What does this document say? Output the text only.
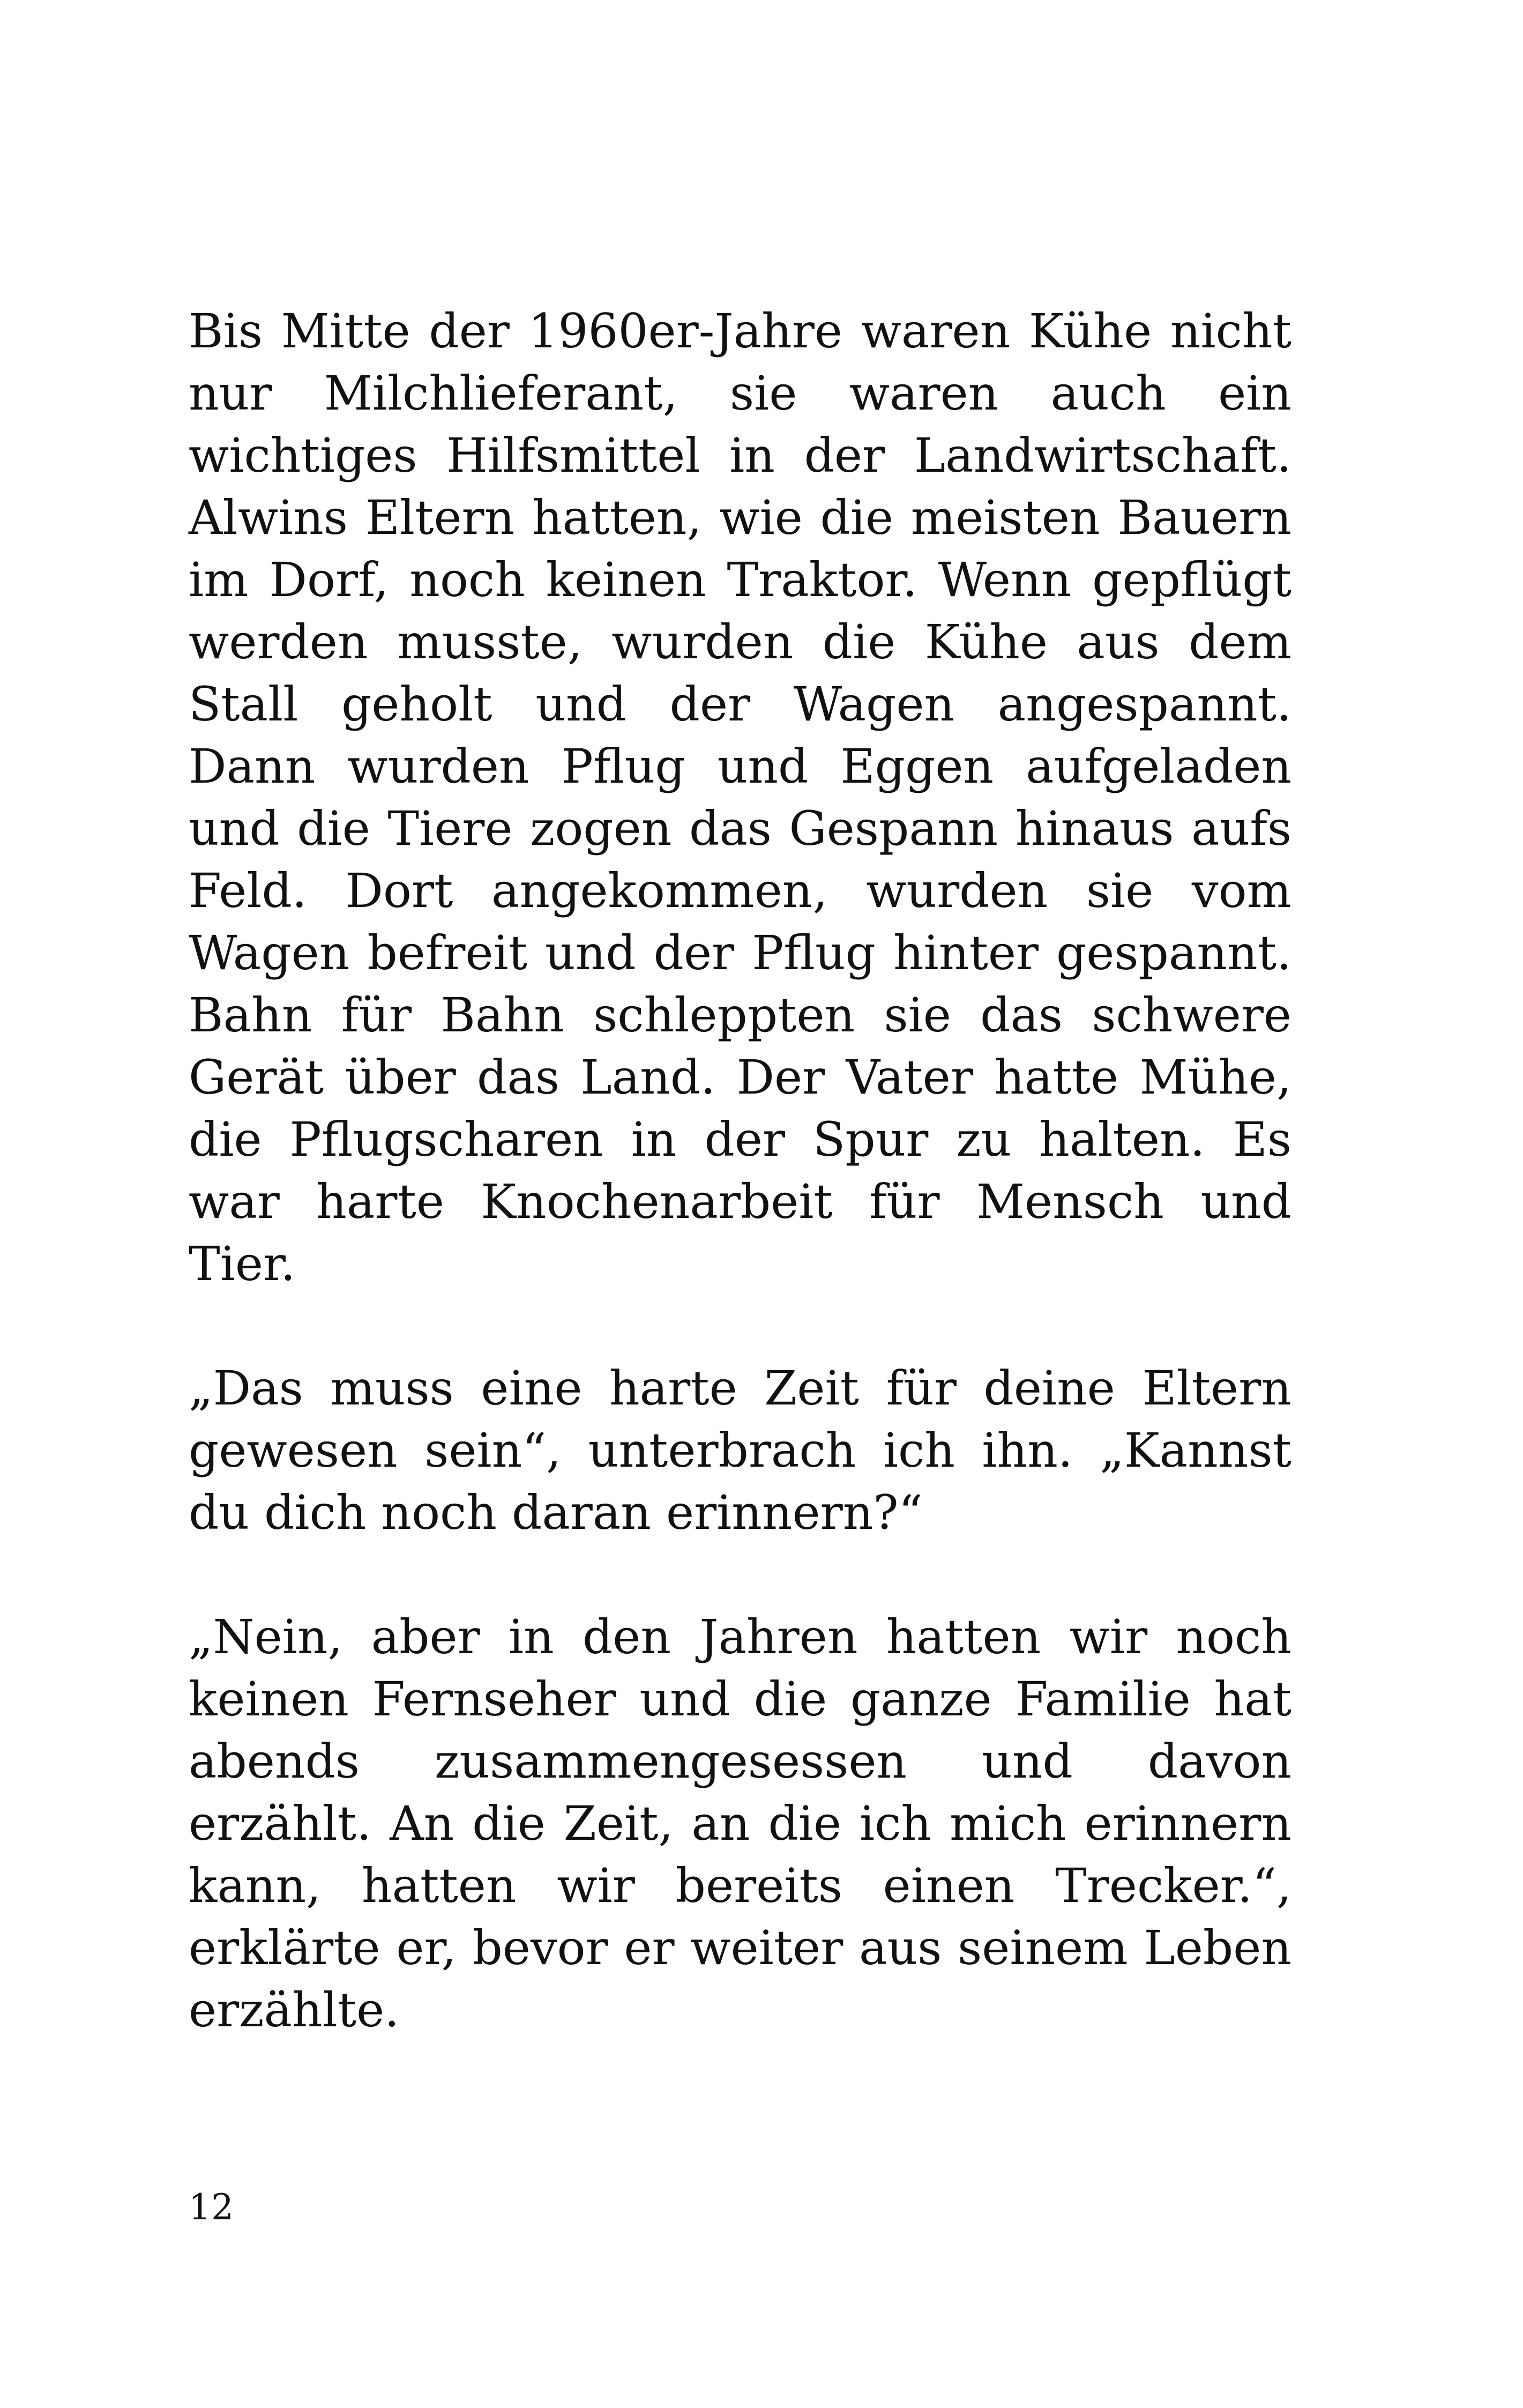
Bis Mitte der 1960er-Jahre waren Kühe nicht nur Milchlieferant, sie waren auch ein wichtiges Hilfsmittel in der Landwirtschaft. Alwins Eltern hatten, wie die meisten Bauern im Dorf, noch keinen Traktor. Wenn gepflügt werden musste, wurden die Kühe aus dem Stall geholt und der Wagen angespannt. Dann wurden Pflug und Eggen aufgeladen und die Tiere zogen das Gespann hinaus aufs Feld. Dort angekommen, wurden sie vom Wagen befreit und der Pflug hinter gespannt. Bahn für Bahn schleppten sie das schwere Gerät über das Land. Der Vater hatte Mühe, die Pflugscharen in der Spur zu halten. Es war harte Knochenarbeit für Mensch und Tier.

„Das muss eine harte Zeit für deine Eltern gewesen sein“, unterbrach ich ihn. „Kannst du dich noch daran erinnern?“

„Nein, aber in den Jahren hatten wir noch keinen Fernseher und die ganze Familie hat abends zusammengesessen und davon erzählt. An die Zeit, an die ich mich erinnern kann, hatten wir bereits einen Trecker.“, erklärte er, bevor er weiter aus seinem Leben erzählte.

12
